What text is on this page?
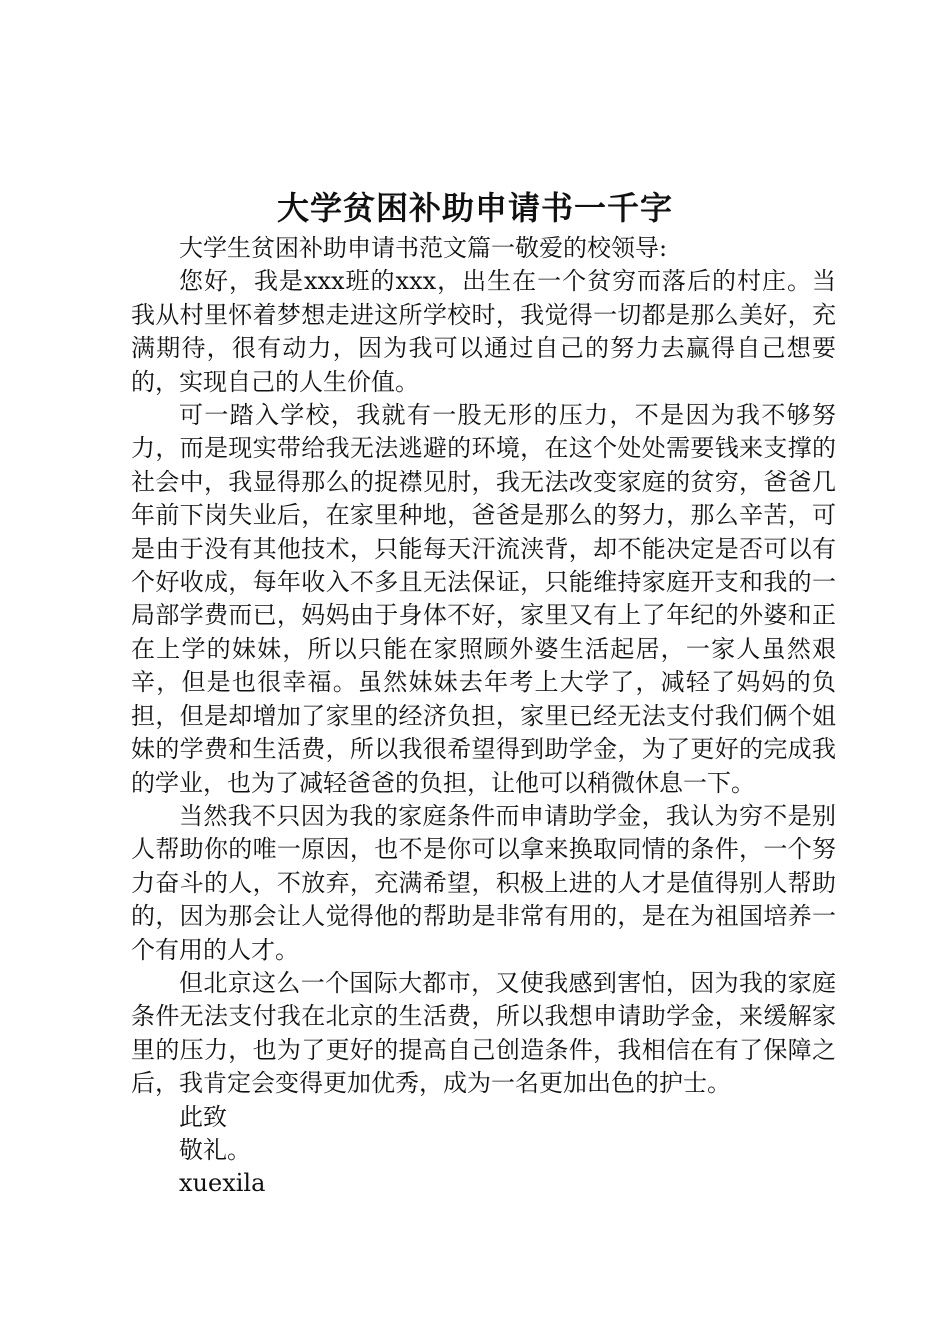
大学贫困补助申请书一千字

大学生贫困补助申请书范文篇一敬爱的校领导:

您好，我是xxx班的xxx，出生在一个贫穷而落后的村庄。当我从村里怀着梦想走进这所学校时，我觉得一切都是那么美好，充满期待，很有动力，因为我可以通过自己的努力去赢得自己想要的，实现自己的人生价值。

可一踏入学校，我就有一股无形的压力，不是因为我不够努力，而是现实带给我无法逃避的环境，在这个处处需要钱来支撑的社会中，我显得那么的捉襟见肘，我无法改变家庭的贫穷，爸爸几年前下岗失业后，在家里种地，爸爸是那么的努力，那么辛苦，可是由于没有其他技术，只能每天汗流浃背，却不能决定是否可以有个好收成，每年收入不多且无法保证，只能维持家庭开支和我的一局部学费而已，妈妈由于身体不好，家里又有上了年纪的外婆和正在上学的妹妹，所以只能在家照顾外婆生活起居，一家人虽然艰辛，但是也很幸福。虽然妹妹去年考上大学了，减轻了妈妈的负担，但是却增加了家里的经济负担，家里已经无法支付我们俩个姐妹的学费和生活费，所以我很希望得到助学金，为了更好的完成我的学业，也为了减轻爸爸的负担，让他可以稍微休息一下。

当然我不只因为我的家庭条件而申请助学金，我认为穷不是别人帮助你的唯一原因，也不是你可以拿来换取同情的条件，一个努力奋斗的人，不放弃，充满希望，积极上进的人才是值得别人帮助的，因为那会让人觉得他的帮助是非常有用的，是在为祖国培养一个有用的人才。

但北京这么一个国际大都市，又使我感到害怕，因为我的家庭条件无法支付我在北京的生活费，所以我想申请助学金，来缓解家里的压力，也为了更好的提高自己创造条件，我相信在有了保障之后，我肯定会变得更加优秀，成为一名更加出色的护士。

此致

敬礼。

xuexila
